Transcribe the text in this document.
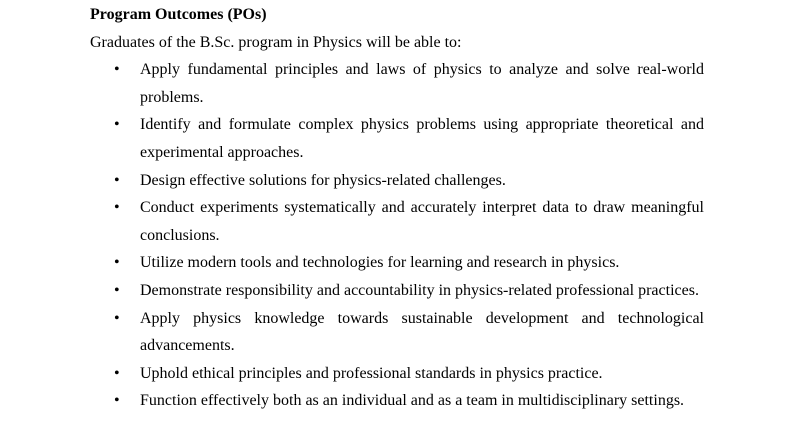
Program Outcomes (POs)

Graduates of the B.Sc. program in Physics will be able to:

•	Apply fundamental principles and laws of physics to analyze and solve real-world problems.
•	Identify and formulate complex physics problems using appropriate theoretical and experimental approaches.
•	Design effective solutions for physics-related challenges.
•	Conduct experiments systematically and accurately interpret data to draw meaningful conclusions.
•	Utilize modern tools and technologies for learning and research in physics.
•	Demonstrate responsibility and accountability in physics-related professional practices.
•	Apply physics knowledge towards sustainable development and technological advancements.
•	Uphold ethical principles and professional standards in physics practice.
•	Function effectively both as an individual and as a team in multidisciplinary settings.
